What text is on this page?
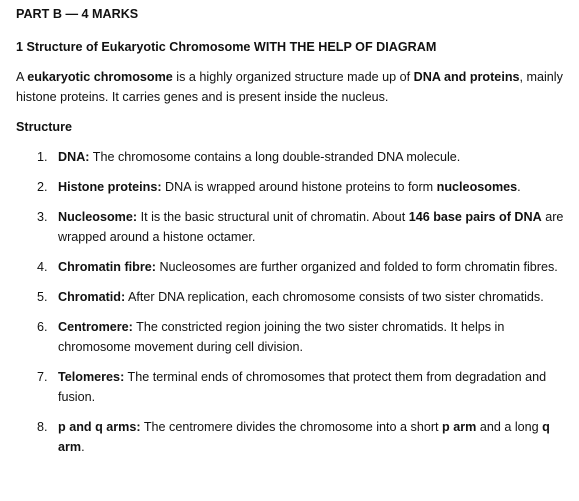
PART B — 4 MARKS
1 Structure of Eukaryotic Chromosome WITH THE HELP OF DIAGRAM
A eukaryotic chromosome is a highly organized structure made up of DNA and proteins, mainly histone proteins. It carries genes and is present inside the nucleus.
Structure
1. DNA: The chromosome contains a long double-stranded DNA molecule.
2. Histone proteins: DNA is wrapped around histone proteins to form nucleosomes.
3. Nucleosome: It is the basic structural unit of chromatin. About 146 base pairs of DNA are wrapped around a histone octamer.
4. Chromatin fibre: Nucleosomes are further organized and folded to form chromatin fibres.
5. Chromatid: After DNA replication, each chromosome consists of two sister chromatids.
6. Centromere: The constricted region joining the two sister chromatids. It helps in chromosome movement during cell division.
7. Telomeres: The terminal ends of chromosomes that protect them from degradation and fusion.
8. p and q arms: The centromere divides the chromosome into a short p arm and a long q arm.
